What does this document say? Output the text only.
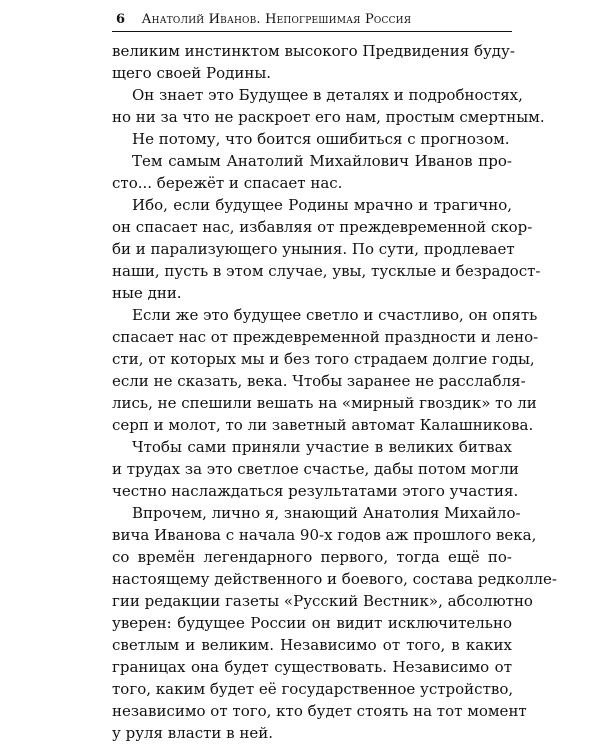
6 Анатолий Иванов. Непогрешимая Россия
великим инстинктом высокого Предвидения буду-
щего своей Родины.
Он знает это Будущее в деталях и подробностях,
но ни за что не раскроет его нам, простым смертным.
Не потому, что боится ошибиться с прогнозом.
Тем самым Анатолий Михайлович Иванов про-
сто... бережёт и спасает нас.
Ибо, если будущее Родины мрачно и трагично,
он спасает нас, избавляя от преждевременной скор-
би и парализующего уныния. По сути, продлевает
наши, пусть в этом случае, увы, тусклые и безрадост-
ные дни.
Если же это будущее светло и счастливо, он опять
спасает нас от преждевременной праздности и лено-
сти, от которых мы и без того страдаем долгие годы,
если не сказать, века. Чтобы заранее не расслабля-
лись, не спешили вешать на «мирный гвоздик» то ли
серп и молот, то ли заветный автомат Калашникова.
Чтобы сами приняли участие в великих битвах
и трудах за это светлое счастье, дабы потом могли
честно наслаждаться результатами этого участия.
Впрочем, лично я, знающий Анатолия Михайло-
вича Иванова с начала 90-х годов аж прошлого века,
со времён легендарного первого, тогда ещё по-
настоящему действенного и боевого, состава редколле-
гии редакции газеты «Русский Вестник», абсолютно
уверен: будущее России он видит исключительно
светлым и великим. Независимо от того, в каких
границах она будет существовать. Независимо от
того, каким будет её государственное устройство,
независимо от того, кто будет стоять на тот момент
у руля власти в ней.
